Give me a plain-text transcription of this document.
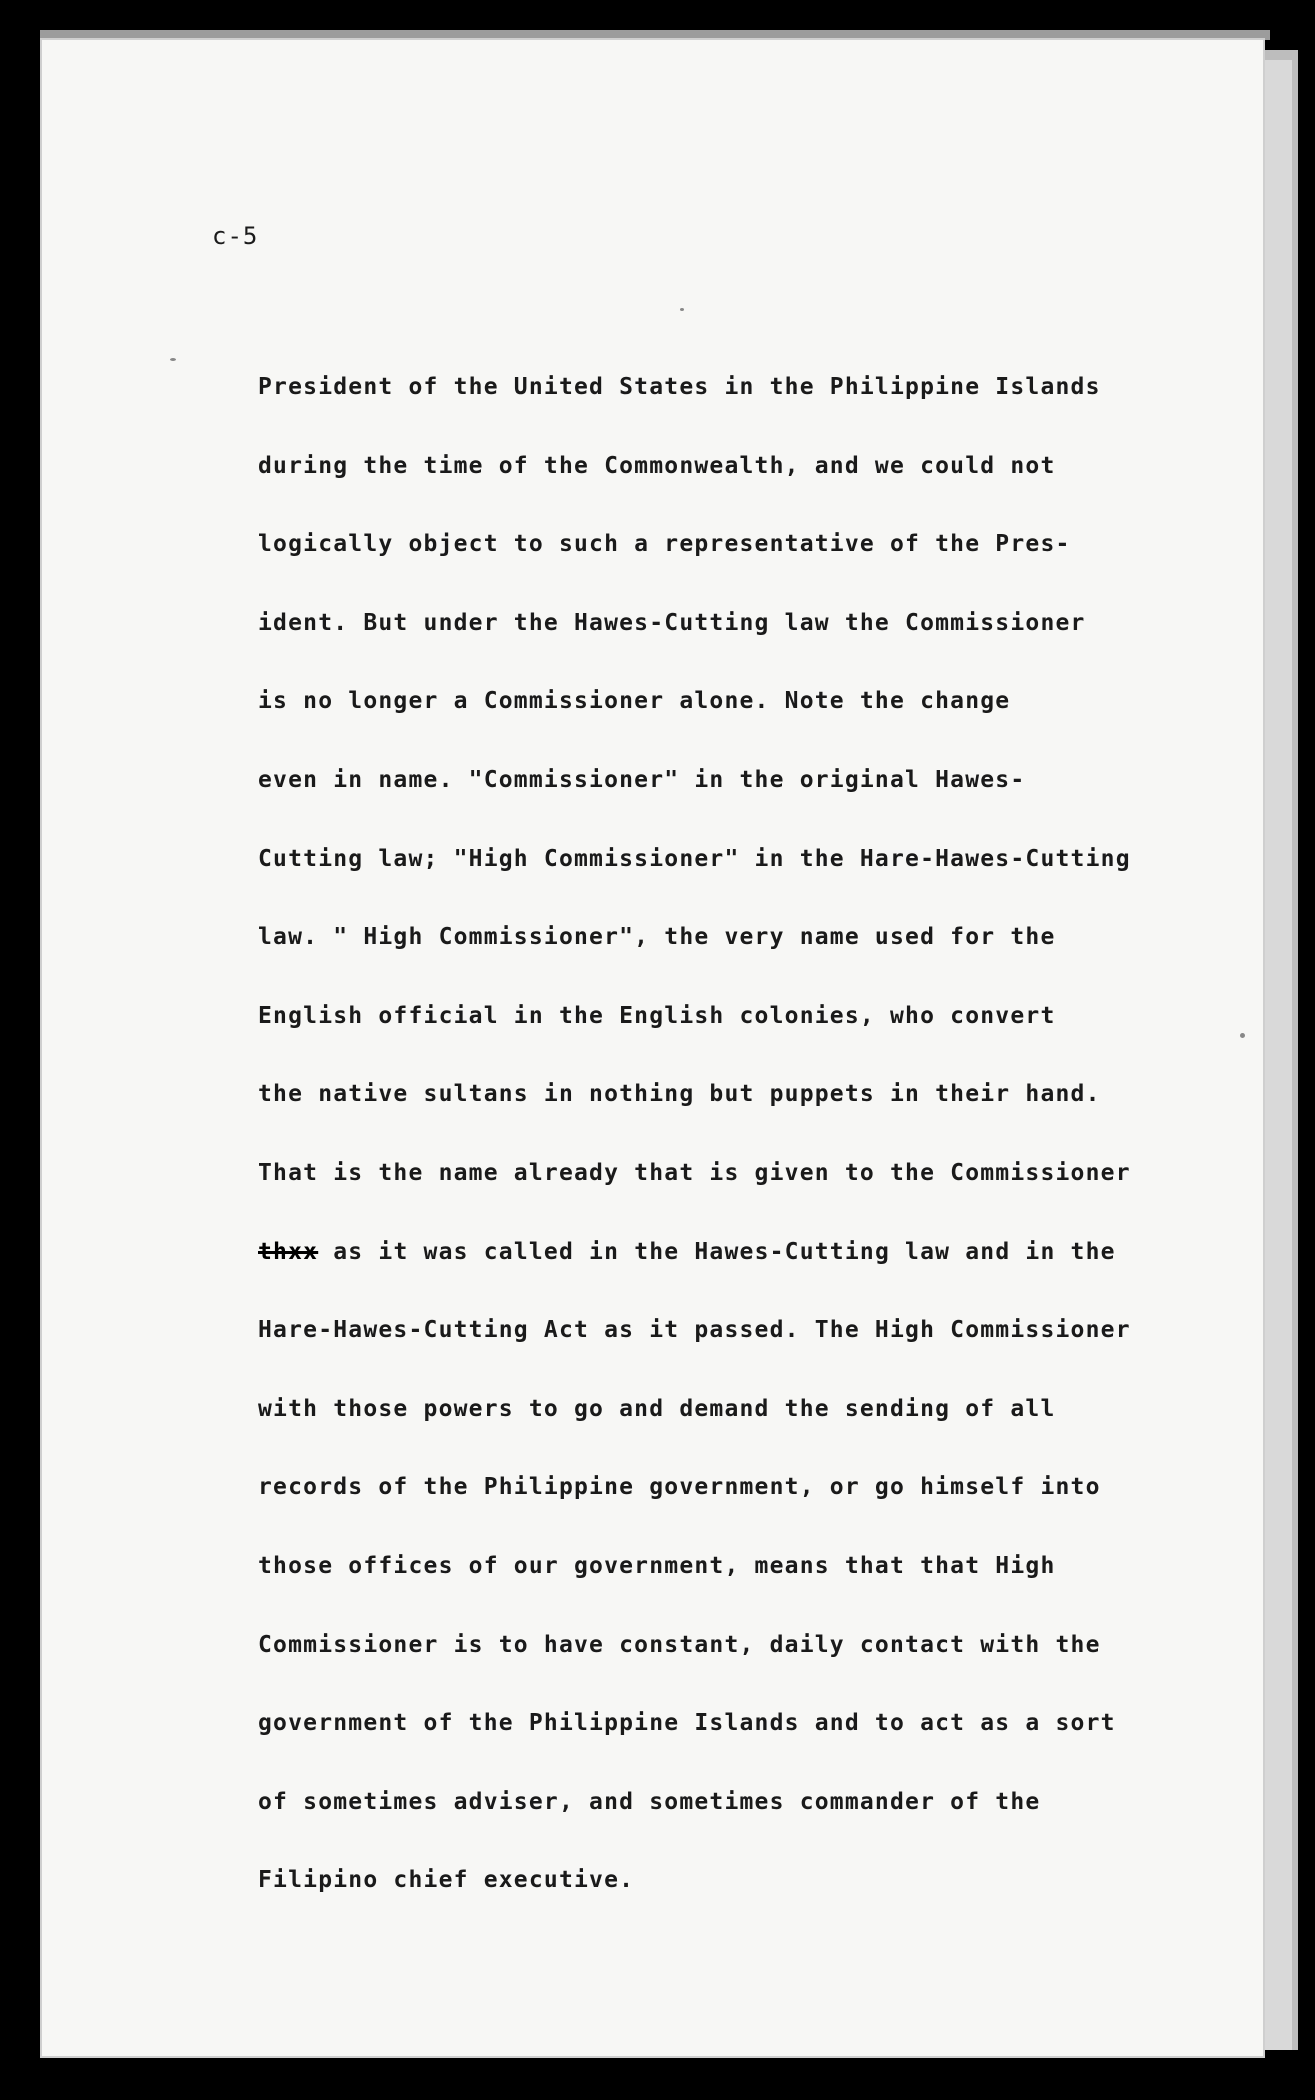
c-5
President of the United States in the Philippine Islands
during the time of the Commonwealth, and we could not
logically object to such a representative of the Pres-
ident. But under the Hawes-Cutting law the Commissioner
is no longer a Commissioner alone. Note the change
even in name. "Commissioner" in the original Hawes-
Cutting law; "High Commissioner" in the Hare-Hawes-Cutting
law. " High Commissioner", the very name used for the
English official in the English colonies, who convert
the native sultans in nothing but puppets in their hand.
That is the name already that is given to the Commissioner
thxx as it was called in the Hawes-Cutting law and in the
Hare-Hawes-Cutting Act as it passed. The High Commissioner
with those powers to go and demand the sending of all
records of the Philippine government, or go himself into
those offices of our government, means that that High
Commissioner is to have constant, daily contact with the
government of the Philippine Islands and to act as a sort
of sometimes adviser, and sometimes commander of the
Filipino chief executive.
